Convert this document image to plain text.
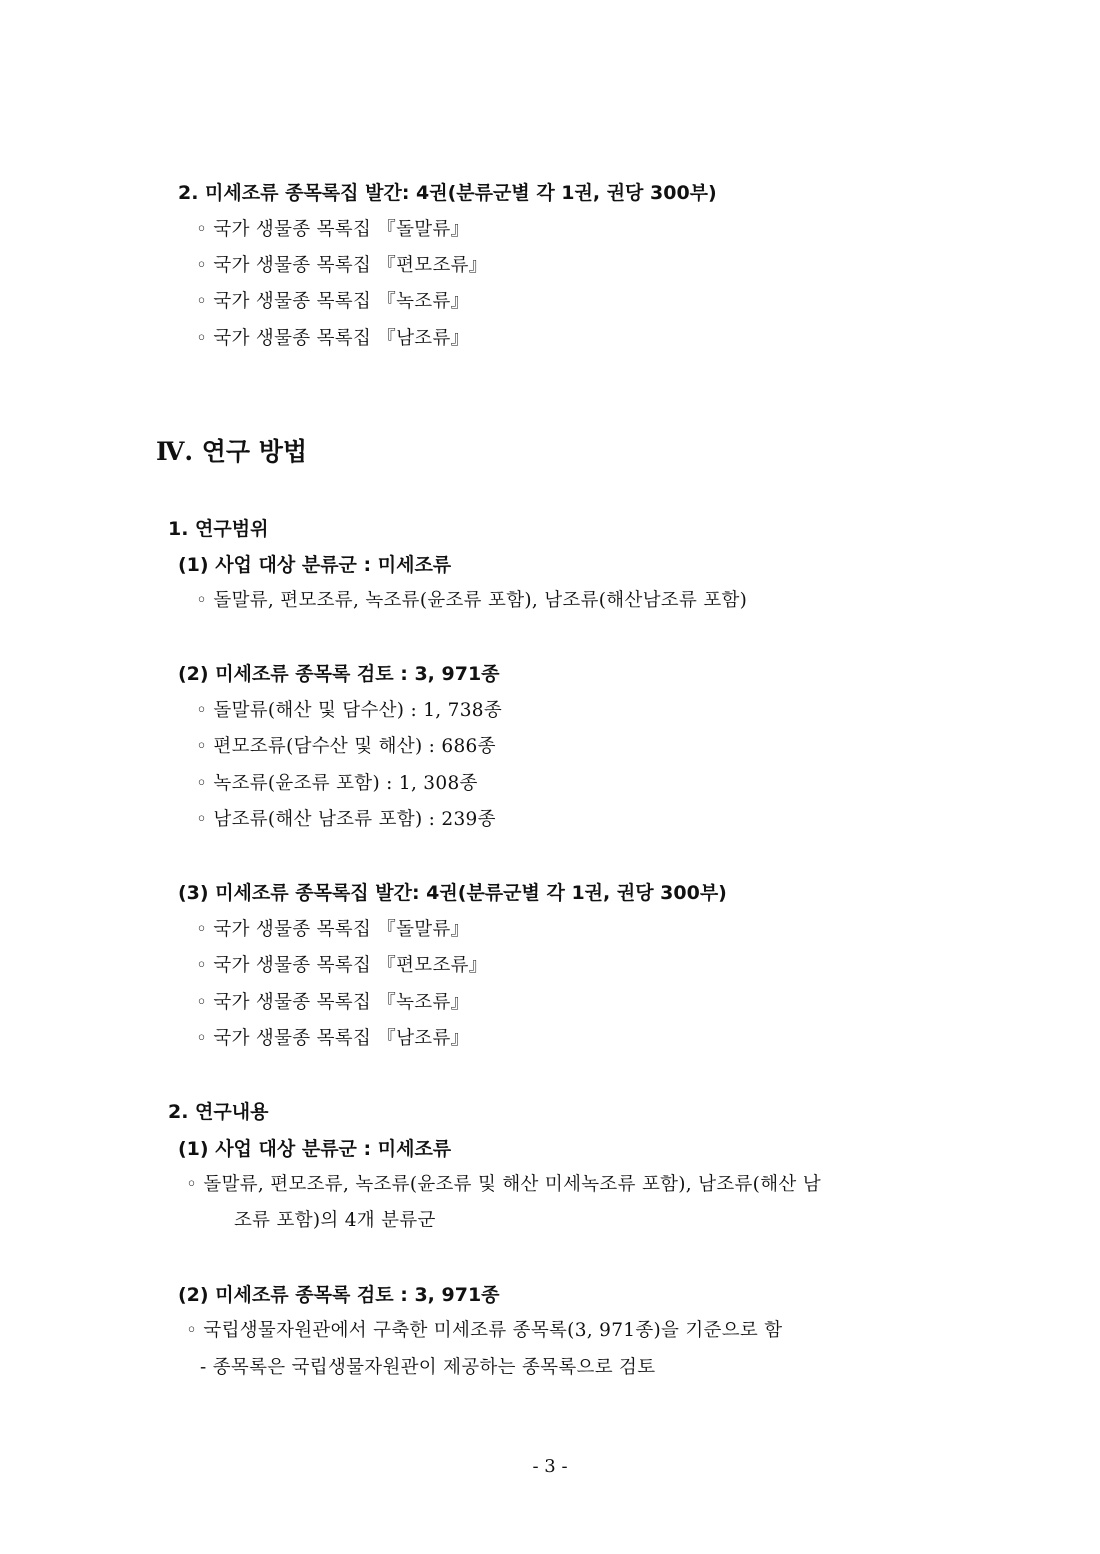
2. 미세조류 종목록집 발간: 4권(분류군별 각 1권, 권당 300부)
◦ 국가 생물종 목록집 『돌말류』
◦ 국가 생물종 목록집 『편모조류』
◦ 국가 생물종 목록집 『녹조류』
◦ 국가 생물종 목록집 『남조류』
Ⅳ. 연구 방법
1. 연구범위
(1) 사업 대상 분류군 : 미세조류
◦ 돌말류, 편모조류, 녹조류(윤조류 포함), 남조류(해산남조류 포함)
(2) 미세조류 종목록 검토 : 3, 971종
◦ 돌말류(해산 및 담수산) : 1, 738종
◦ 편모조류(담수산 및 해산) : 686종
◦ 녹조류(윤조류 포함) : 1, 308종
◦ 남조류(해산 남조류 포함) : 239종
(3) 미세조류 종목록집 발간: 4권(분류군별 각 1권, 권당 300부)
◦ 국가 생물종 목록집 『돌말류』
◦ 국가 생물종 목록집 『편모조류』
◦ 국가 생물종 목록집 『녹조류』
◦ 국가 생물종 목록집 『남조류』
2. 연구내용
(1) 사업 대상 분류군 : 미세조류
◦ 돌말류, 편모조류, 녹조류(윤조류 및 해산 미세녹조류 포함), 남조류(해산 남
조류 포함)의 4개 분류군
(2) 미세조류 종목록 검토 : 3, 971종
◦ 국립생물자원관에서 구축한 미세조류 종목록(3, 971종)을 기준으로 함
- 종목록은 국립생물자원관이 제공하는 종목록으로 검토
- 3 -
